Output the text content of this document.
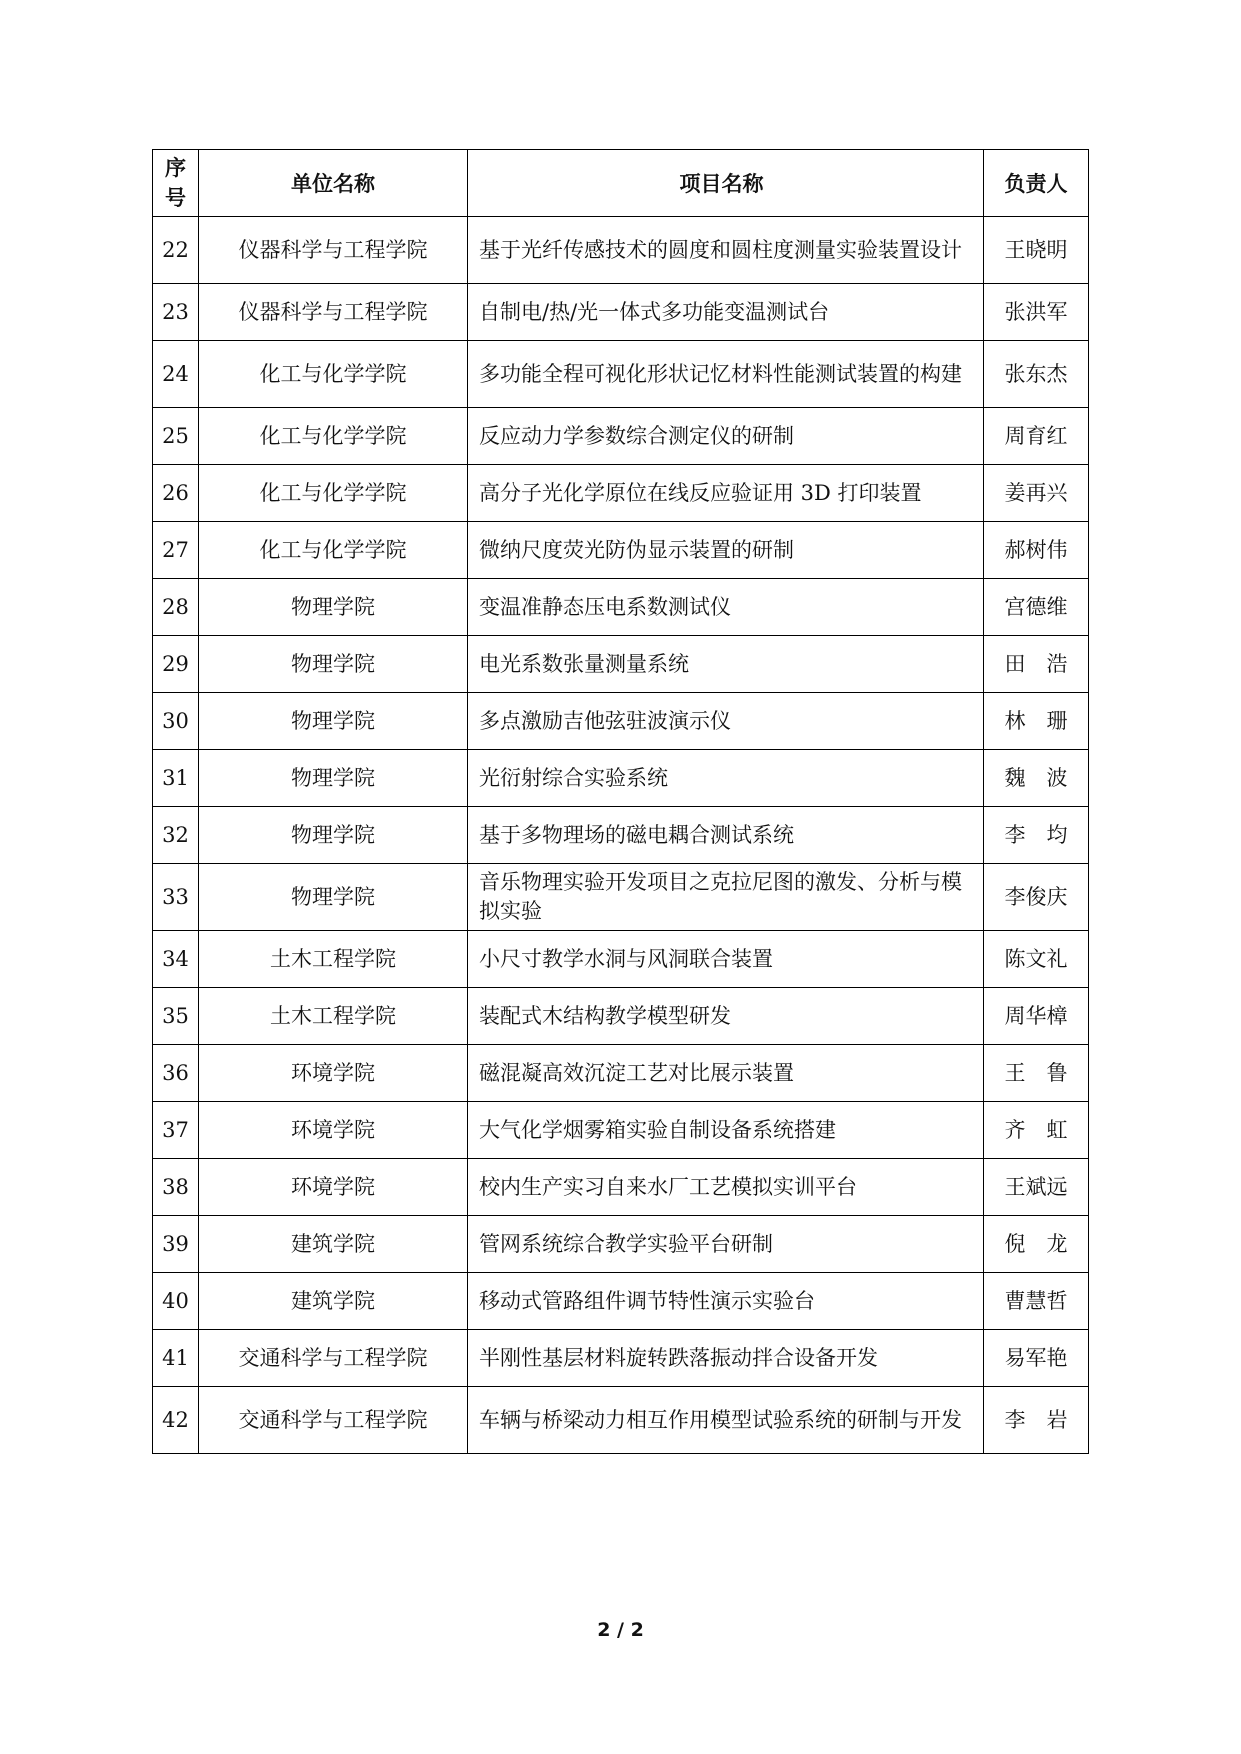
序
号	单位名称	项目名称	负责人
22	仪器科学与工程学院	基于光纤传感技术的圆度和圆柱度测量实验装置设计	王晓明
23	仪器科学与工程学院	自制电/热/光一体式多功能变温测试台	张洪军
24	化工与化学学院	多功能全程可视化形状记忆材料性能测试装置的构建	张东杰
25	化工与化学学院	反应动力学参数综合测定仪的研制	周育红
26	化工与化学学院	高分子光化学原位在线反应验证用 3D 打印装置	姜再兴
27	化工与化学学院	微纳尺度荧光防伪显示装置的研制	郝树伟
28	物理学院	变温准静态压电系数测试仪	宫德维
29	物理学院	电光系数张量测量系统	田　浩
30	物理学院	多点激励吉他弦驻波演示仪	林　珊
31	物理学院	光衍射综合实验系统	魏　波
32	物理学院	基于多物理场的磁电耦合测试系统	李　均
33	物理学院	音乐物理实验开发项目之克拉尼图的激发、分析与模拟实验	李俊庆
34	土木工程学院	小尺寸教学水洞与风洞联合装置	陈文礼
35	土木工程学院	装配式木结构教学模型研发	周华樟
36	环境学院	磁混凝高效沉淀工艺对比展示装置	王　鲁
37	环境学院	大气化学烟雾箱实验自制设备系统搭建	齐　虹
38	环境学院	校内生产实习自来水厂工艺模拟实训平台	王斌远
39	建筑学院	管网系统综合教学实验平台研制	倪　龙
40	建筑学院	移动式管路组件调节特性演示实验台	曹慧哲
41	交通科学与工程学院	半刚性基层材料旋转跌落振动拌合设备开发	易军艳
42	交通科学与工程学院	车辆与桥梁动力相互作用模型试验系统的研制与开发	李　岩
2 / 2
